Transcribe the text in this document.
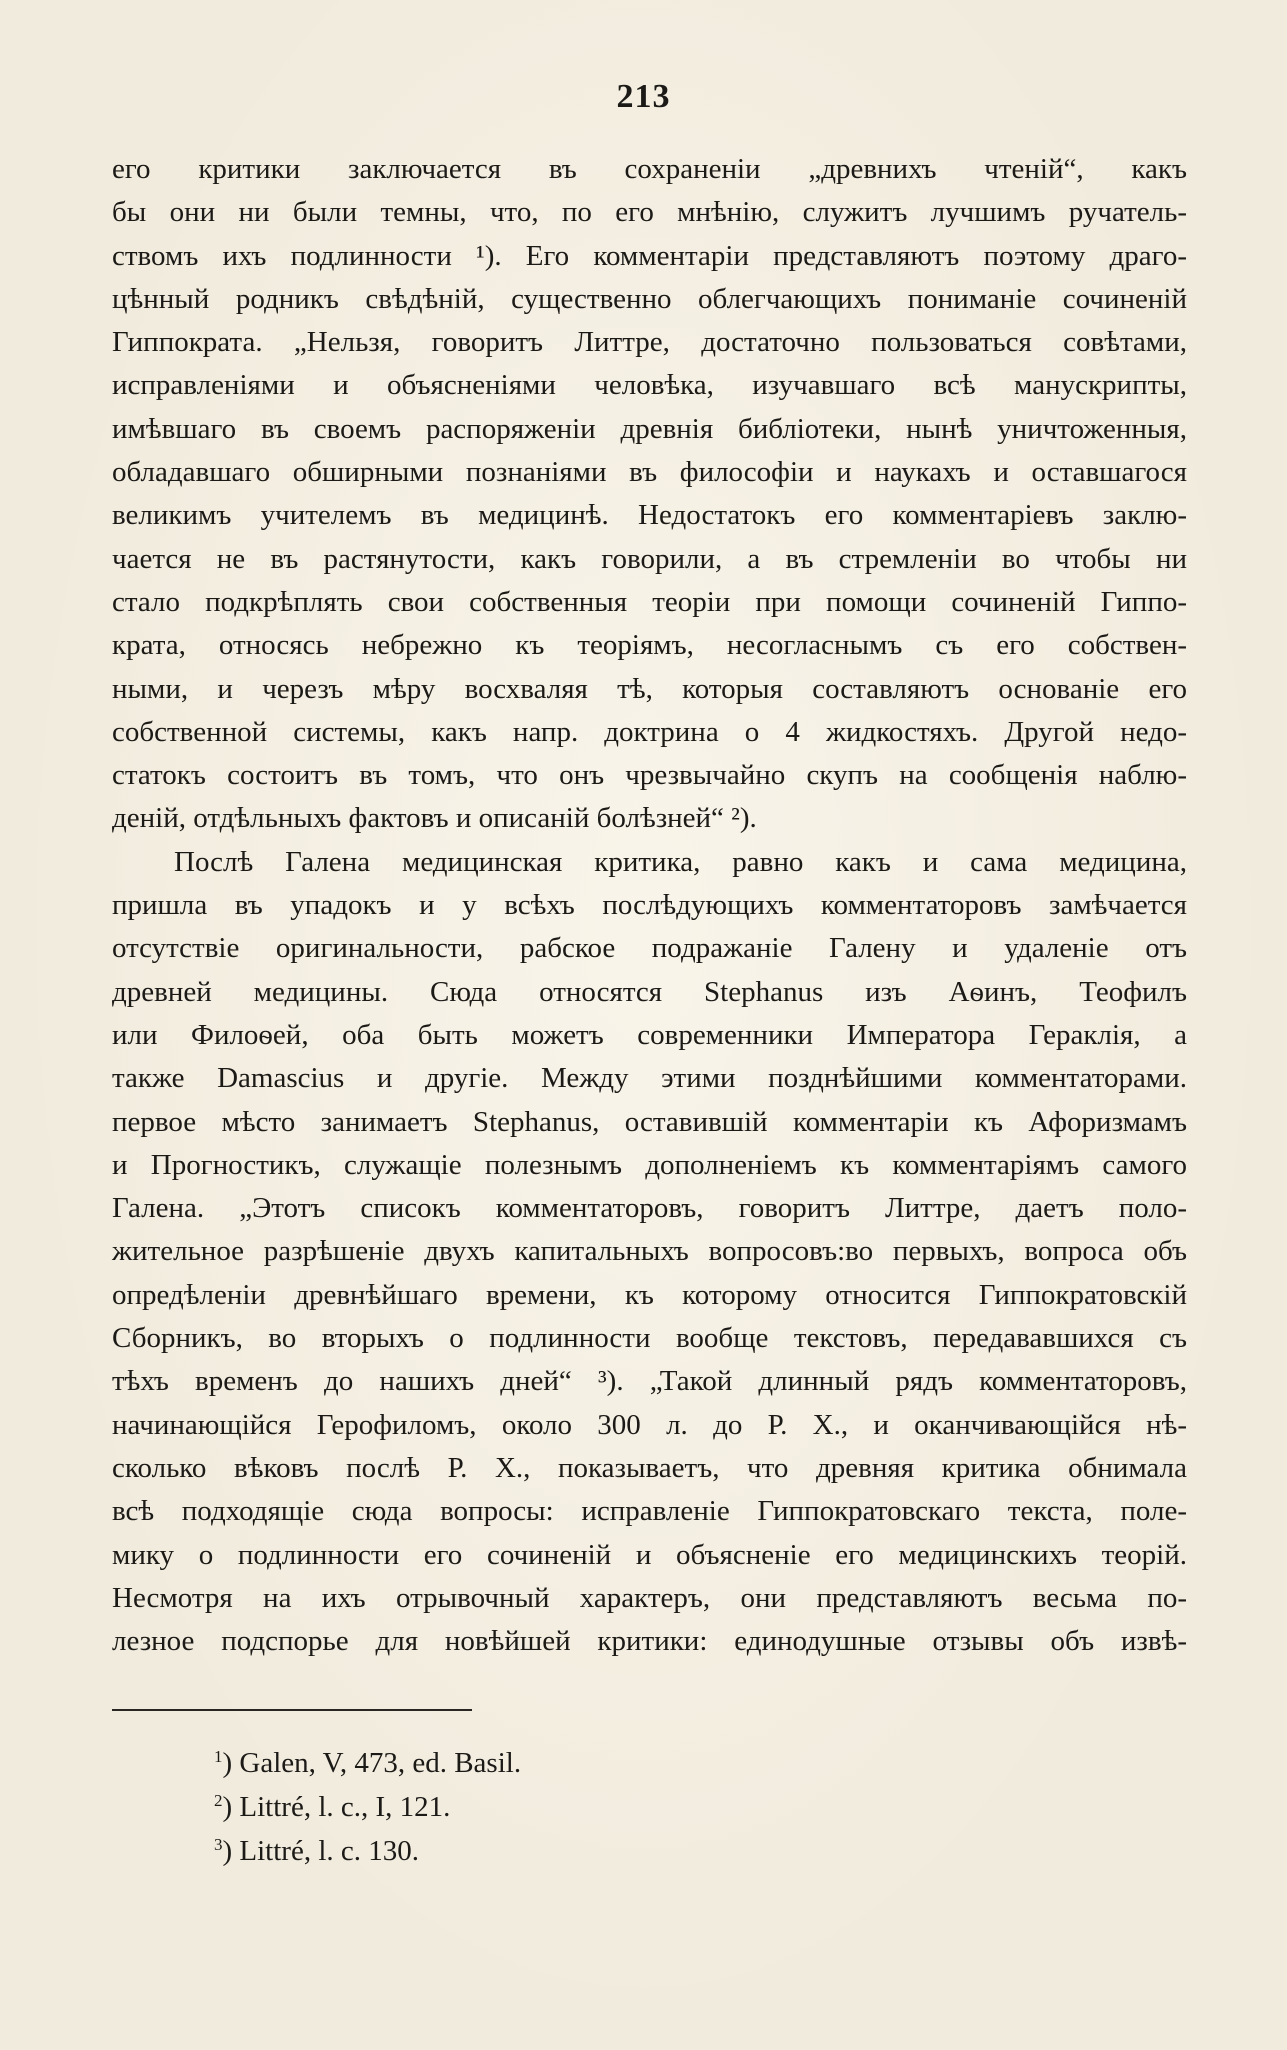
213
его критики заключается въ сохраненіи „древнихъ чтеній“, какъ
бы они ни были темны, что, по его мнѣнію, служитъ лучшимъ ручатель-
ствомъ ихъ подлинности ¹). Его комментаріи представляютъ поэтому драго-
цѣнный родникъ свѣдѣній, существенно облегчающихъ пониманіе сочиненій
Гиппократа. „Нельзя, говоритъ Литтре, достаточно пользоваться совѣтами,
исправленіями и объясненіями человѣка, изучавшаго всѣ манускрипты,
имѣвшаго въ своемъ распоряженіи древнія библіотеки, нынѣ уничтоженныя,
обладавшаго обширными познаніями въ философіи и наукахъ и оставшагося
великимъ учителемъ въ медицинѣ. Недостатокъ его комментаріевъ заклю-
чается не въ растянутости, какъ говорили, а въ стремленіи во чтобы ни
стало подкрѣплять свои собственныя теоріи при помощи сочиненій Гиппо-
крата, относясь небрежно къ теоріямъ, несогласнымъ съ его собствен-
ными, и черезъ мѣру восхваляя тѣ, которыя составляютъ основаніе его
собственной системы, какъ напр. доктрина о 4 жидкостяхъ. Другой недо-
статокъ состоитъ въ томъ, что онъ чрезвычайно скупъ на сообщенія наблю-
деній, отдѣльныхъ фактовъ и описаній болѣзней“ ²).
Послѣ Галена медицинская критика, равно какъ и сама медицина,
пришла въ упадокъ и у всѣхъ послѣдующихъ комментаторовъ замѣчается
отсутствіе оригинальности, рабское подражаніе Галену и удаленіе отъ
древней медицины. Сюда относятся Stephanus изъ Аѳинъ, Теофилъ
или Филоѳей, оба быть можетъ современники Императора Гераклія, а
также Damascius и другіе. Между этими позднѣйшими комментаторами.
первое мѣсто занимаетъ Stephanus, оставившій комментаріи къ Афоризмамъ
и Прогностикъ, служащіе полезнымъ дополненіемъ къ комментаріямъ самого
Галена. „Этотъ списокъ комментаторовъ, говоритъ Литтре, даетъ поло-
жительное разрѣшеніе двухъ капитальныхъ вопросовъ:во первыхъ, вопроса объ
опредѣленіи древнѣйшаго времени, къ которому относится Гиппократовскій
Сборникъ, во вторыхъ о подлинности вообще текстовъ, передававшихся съ
тѣхъ временъ до нашихъ дней“ ³). „Такой длинный рядъ комментаторовъ,
начинающійся Герофиломъ, около 300 л. до Р. X., и оканчивающійся нѣ-
сколько вѣковъ послѣ Р. X., показываетъ, что древняя критика обнимала
всѣ подходящіе сюда вопросы: исправленіе Гиппократовскаго текста, поле-
мику о подлинности его сочиненій и объясненіе его медицинскихъ теорій.
Несмотря на ихъ отрывочный характеръ, они представляютъ весьма по-
лезное подспорье для новѣйшей критики: единодушные отзывы объ извѣ-
$^1$) Galen, V, 473, ed. Basil.
$^2$) Littré, l. c., I, 121.
$^3$) Littré, l. c. 130.
